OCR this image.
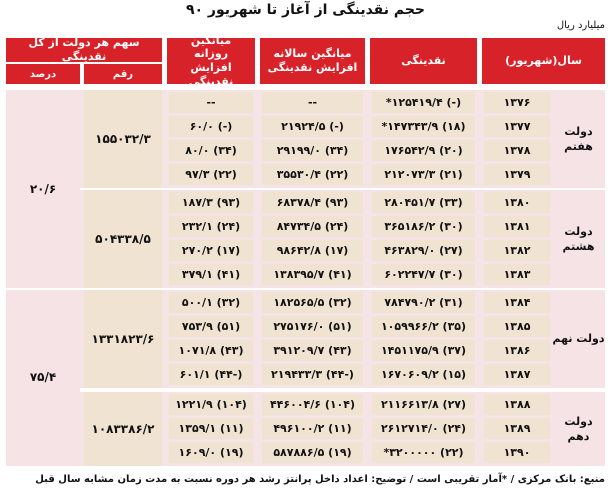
حجم نقدینگی از آغاز تا شهریور ۹۰
میلیارد ریال
سال(شهریور)
نقدینگی
میانگین سالانه افزایش نقدینگی
میانگین روزانه افزایش نقدینگی
سهم هر دولت از کل نقدینگی
رقم
درصد
دولت هفتم
۱۵۵۰۳۲/۳
۱۳۷۶
(-) ۱۲۵۴۱۹/۴*
--
--
۱۳۷۷
(۱۸) ۱۴۷۳۴۳/۹*
(-) ۲۱۹۲۴/۵
(-) ۶۰/۰
۱۳۷۸
(۲۰) ۱۷۶۵۴۲/۹
(۳۴) ۲۹۱۹۹/۰
(۳۴) ۸۰/۰
۱۳۷۹
(۲۱) ۲۱۲۰۷۳/۳
(۲۲) ۳۵۵۳۰/۴
(۲۲) ۹۷/۳
دولت هشتم
۵۰۴۳۳۸/۵
۱۳۸۰
(۳۳) ۲۸۰۴۵۱/۷
(۹۳) ۶۸۳۷۸/۴
(۹۳) ۱۸۷/۳
۱۳۸۱
(۳۰) ۳۶۵۱۸۶/۲
(۲۴) ۸۴۷۳۴/۵
(۲۴) ۲۳۲/۱
۱۳۸۲
(۲۷) ۴۶۳۸۲۹/۰
(۱۷) ۹۸۶۴۲/۸
(۱۷) ۲۷۰/۲
۱۳۸۳
(۳۰) ۶۰۲۲۴۷/۷
(۴۱) ۱۳۸۳۹۵/۷
(۴۱) ۳۷۹/۱
دولت نهم
۱۳۳۱۸۲۳/۶
۱۳۸۴
(۳۱) ۷۸۴۷۹۰/۲
(۳۲) ۱۸۲۵۶۵/۵
(۳۲) ۵۰۰/۱
۱۳۸۵
(۳۵) ۱۰۵۹۹۶۶/۲
(۵۱) ۲۷۵۱۷۶/۰
(۵۱) ۷۵۳/۹
۱۳۸۶
(۳۷) ۱۴۵۱۱۷۵/۹
(۴۳) ۳۹۱۲۰۹/۷
(۴۳) ۱۰۷۱/۸
۱۳۸۷
(۱۵) ۱۶۷۰۶۰۹/۲
(-۴۴) ۲۱۹۴۳۳/۳
(-۴۴) ۶۰۱/۱
دولت دهم
۱۰۸۳۳۸۶/۲
۱۳۸۸
(۲۷) ۲۱۱۶۶۱۳/۸
(۱۰۴) ۴۴۶۰۰۴/۶
(۱۰۴) ۱۲۲۱/۹
۱۳۸۹
(۲۴) ۲۶۱۲۷۱۴/۰
(۱۱) ۴۹۶۱۰۰/۲
(۱۱) ۱۳۵۹/۱
۱۳۹۰
(۲۲) ۳۲۰۰۰۰۰*
(۱۹) ۵۸۷۸۸۶/۵
(۱۹) ۱۶۰۹/۰
۲۰/۶
۷۵/۴
منبع: بانک مرکزی / *آمار تقریبی است / توضیح: اعداد داخل پرانتز رشد هر دوره نسبت به مدت زمان مشابه سال قبل
